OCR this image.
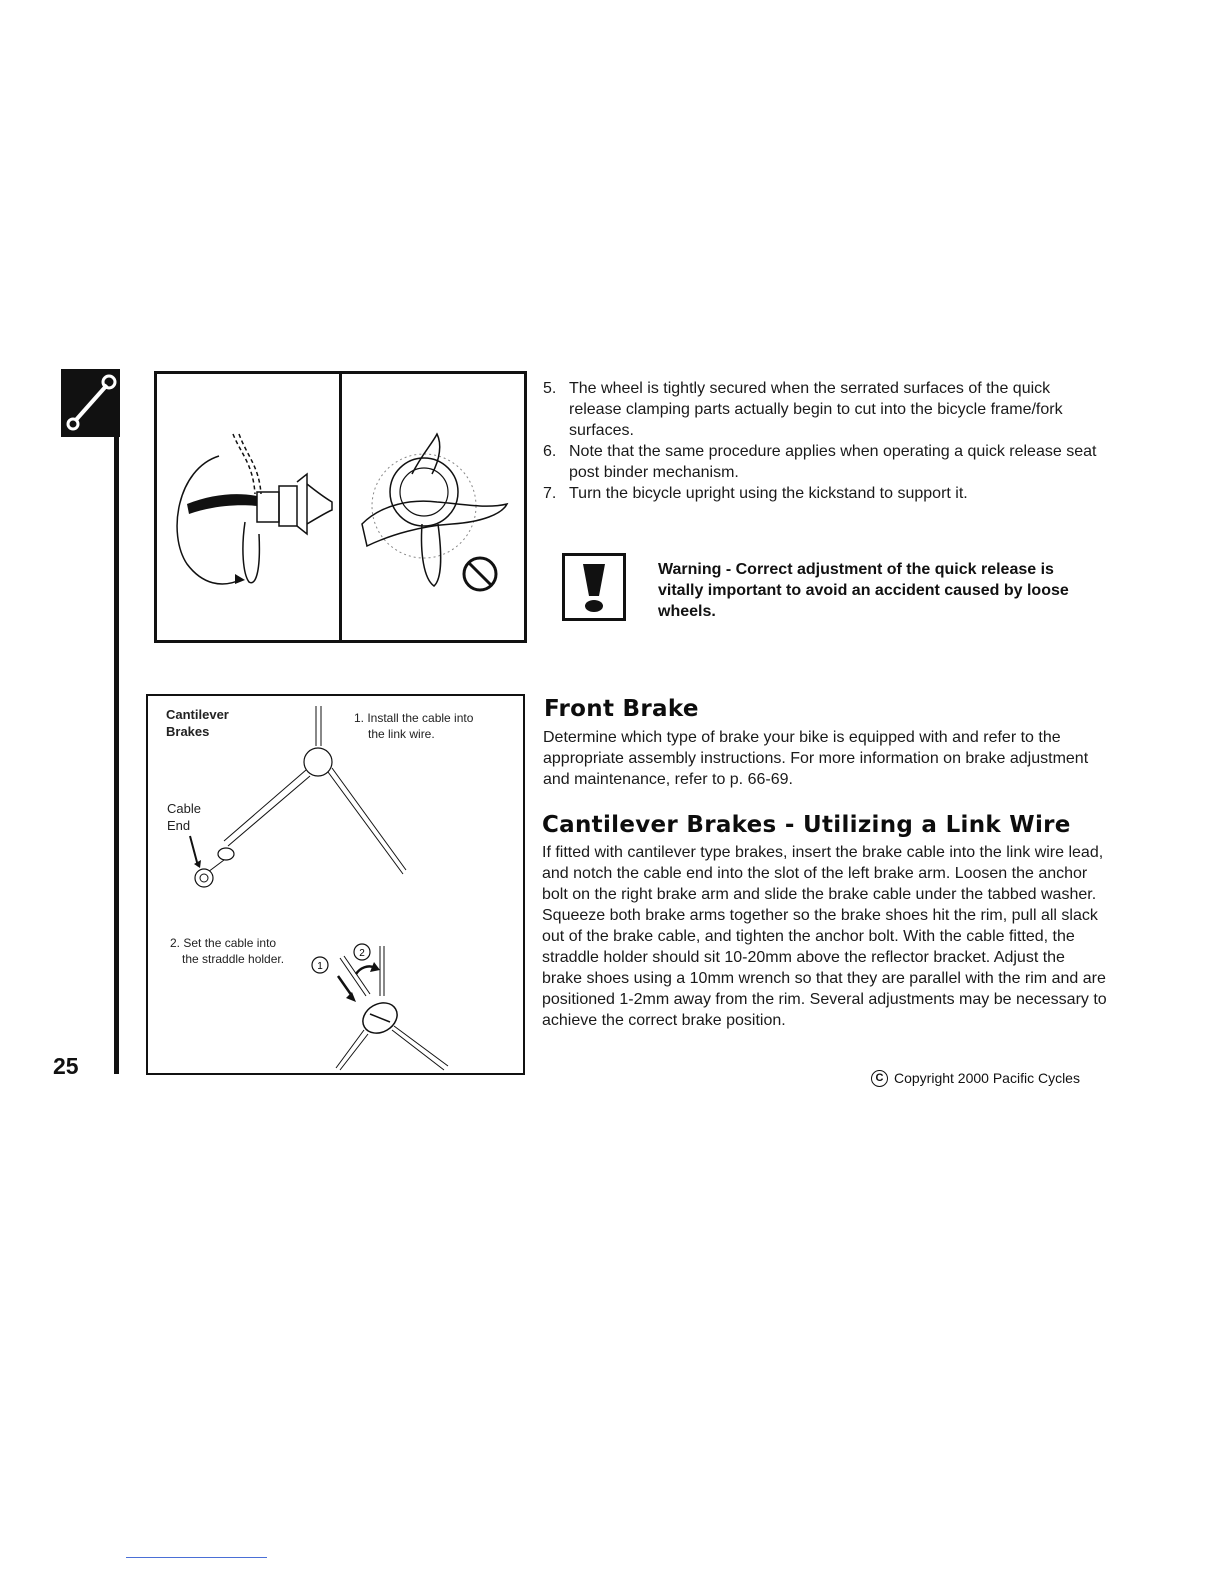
25
5. The wheel is tightly secured when the serrated surfaces of the quick release clamping parts actually begin to cut into the bicycle frame/fork surfaces.
6. Note that the same procedure applies when operating a quick release seat post binder mechanism.
7. Turn the bicycle upright using the kickstand to support it.
Warning - Correct adjustment of the quick release is vitally important to avoid an accident caused by loose wheels.
Cantilever
Brakes
1. Install the cable into
the link wire.
Cable
End
2. Set the cable into
the straddle holder.
1
2
Front Brake
Determine which type of brake your bike is equipped with and refer to the appropriate assembly instructions. For more information on brake adjustment and maintenance, refer to p. 66-69.
Cantilever Brakes - Utilizing a Link Wire
If fitted with cantilever type brakes, insert the brake cable into the link wire lead, and notch the cable end into the slot of the left brake arm. Loosen the anchor bolt on the right brake arm and slide the brake cable under the tabbed washer. Squeeze both brake arms together so the brake shoes hit the rim, pull all slack out of the brake cable, and tighten the anchor bolt. With the cable fitted, the straddle holder should sit 10-20mm above the reflector bracket. Adjust the brake shoes using a 10mm wrench so that they are parallel with the rim and are positioned 1-2mm away from the rim. Several adjustments may be necessary to achieve the correct brake position.
C Copyright 2000 Pacific Cycles
